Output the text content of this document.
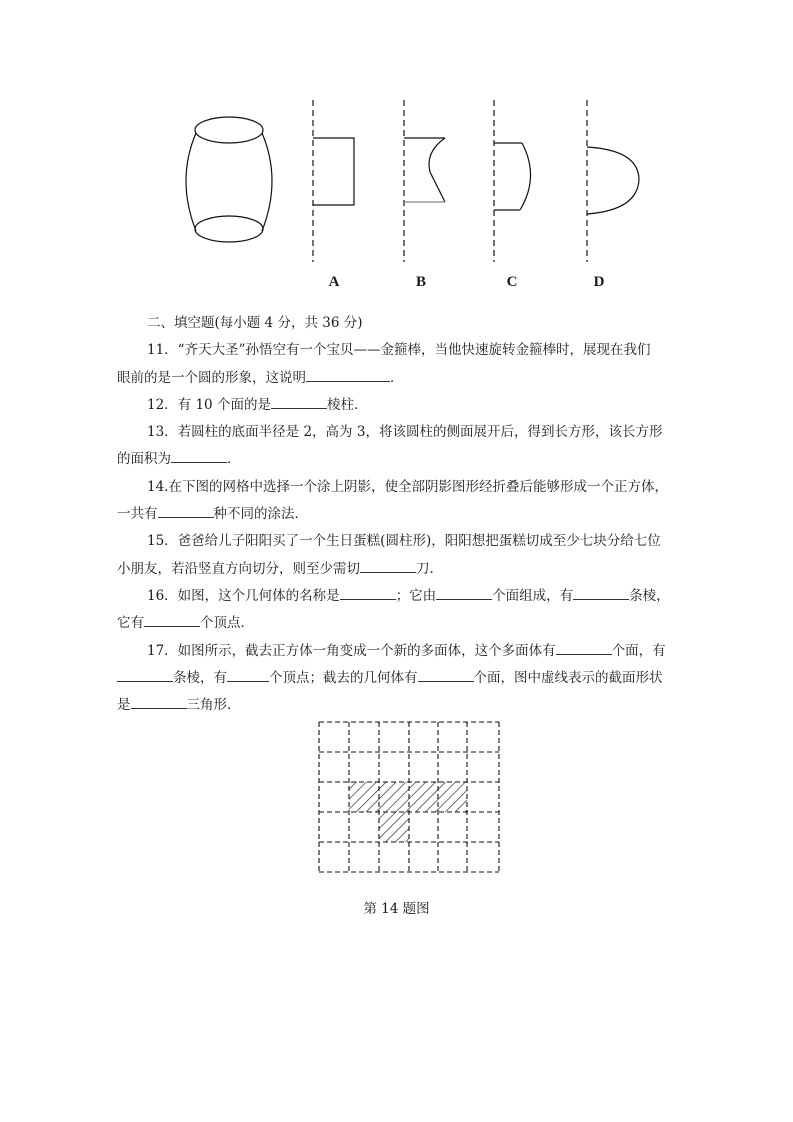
A	B	C	D
二、填空题(每小题 4 分，共 36 分)
11．“齐天大圣”孙悟空有一个宝贝——金箍棒，当他快速旋转金箍棒时，展现在我们
眼前的是一个圆的形象，这说明	．
12．有 10 个面的是	棱柱．
13．若圆柱的底面半径是 2，高为 3，将该圆柱的侧面展开后，得到长方形，该长方形
的面积为	．
14.在下图的网格中选择一个涂上阴影，使全部阴影图形经折叠后能够形成一个正方体，
一共有	种不同的涂法．
15．爸爸给儿子阳阳买了一个生日蛋糕(圆柱形)，阳阳想把蛋糕切成至少七块分给七位
小朋友，若沿竖直方向切分，则至少需切	刀．
16．如图，这个几何体的名称是	；它由	个面组成，有	条棱，
它有	个顶点．
17．如图所示，截去正方体一角变成一个新的多面体，这个多面体有	个面，有
条棱，有	个顶点；截去的几何体有	个面，图中虚线表示的截面形状
是	三角形．
第 14 题图
